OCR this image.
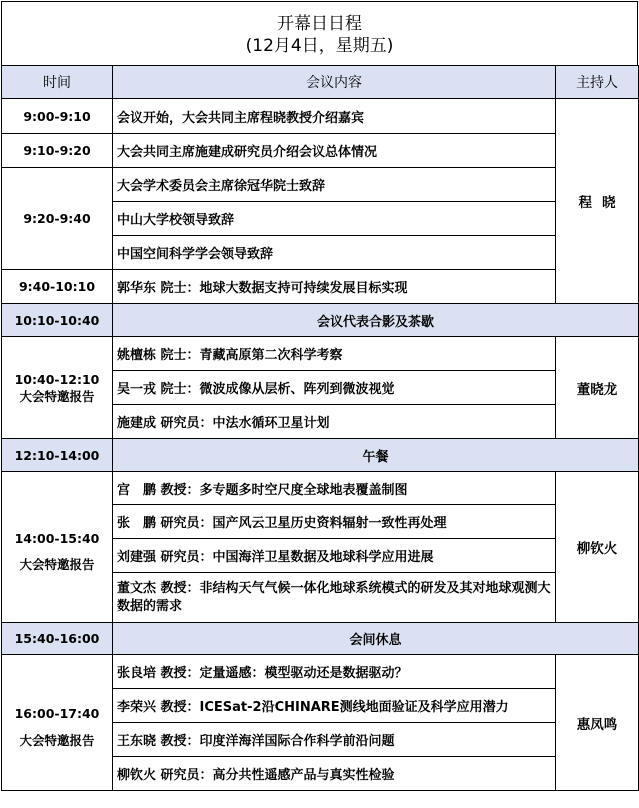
开幕日日程
(12月4日，星期五)
时间	会议内容	主持人
9:00-9:10	会议开始，大会共同主席程晓教授介绍嘉宾	程晓
9:10-9:20	大会共同主席施建成研究员介绍会议总体情况	
9:20-9:40	大会学术委员会主席徐冠华院士致辞	
	中山大学校领导致辞	
	中国空间科学学会领导致辞	
9:40-10:10	郭华东 院士：地球大数据支持可持续发展目标实现	
10:10-10:40	会议代表合影及茶歇	

10:40-12:10
大会特邀报告	姚檀栋 院士：青藏高原第二次科学考察	董晓龙
	吴一戎 院士：微波成像从层析、阵列到微波视觉	
	施建成 研究员：中法水循环卫星计划	
12:10-14:00	午餐	

14:00-15:40
大会特邀报告	宫　鹏 教授：多专题多时空尺度全球地表覆盖制图	柳钦火
	张　鹏 研究员：国产风云卫星历史资料辐射一致性再处理	
	刘建强 研究员：中国海洋卫星数据及地球科学应用进展	
	董文杰 教授：非结构天气气候一体化地球系统模式的研发及其对地球观测大数据的需求	
15:40-16:00	会间休息	

16:00-17:40
大会特邀报告	张良培 教授：定量遥感：模型驱动还是数据驱动？	惠凤鸣
	李荣兴 教授：ICESat-2沿CHINARE测线地面验证及科学应用潜力	
	王东晓 教授：印度洋海洋国际合作科学前沿问题	
	柳钦火 研究员：高分共性遥感产品与真实性检验	
